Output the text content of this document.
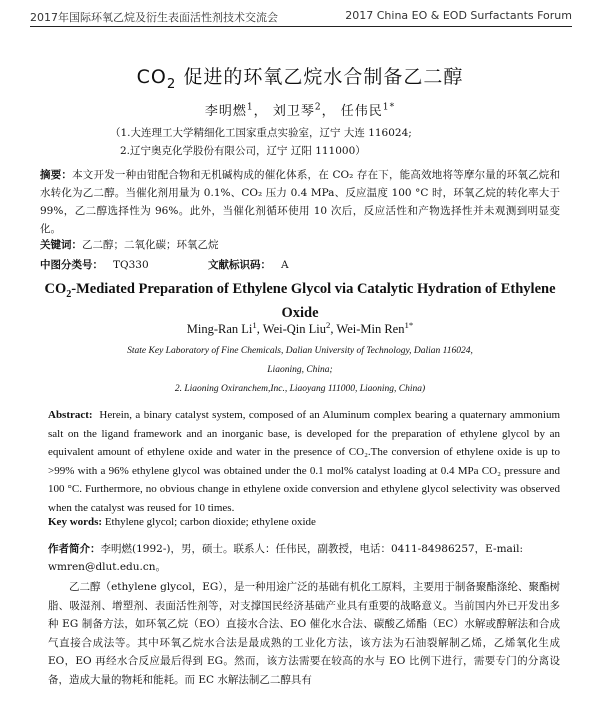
2017年国际环氧乙烷及衍生表面活性剂技术交流会	2017 China EO & EOD Surfactants Forum
$CO_2$ 促进的环氧乙烷水合制备乙二醇
李明燃$^1$， 刘卫琴$^2$， 任伟民$^{1*}$
（1.大连理工大学精细化工国家重点实验室，辽宁 大连 116024;
2.辽宁奥克化学股份有限公司，辽宁 辽阳 111000）
摘要：本文开发一种由钳配合物和无机碱构成的催化体系，在 CO₂ 存在下，能高效地将等摩尔量的环氧乙烷和水转化为乙二醇。当催化剂用量为 0.1%、CO₂ 压力 0.4 MPa、反应温度 100 °C 时，环氧乙烷的转化率大于 99%，乙二醇选择性为 96%。此外，当催化剂循环使用 10 次后，反应活性和产物选择性并未观测到明显变化。
关键词：乙二醇；二氧化碳；环氧乙烷
中图分类号： TQ330	文献标识码： A
$CO_2$-Mediated Preparation of Ethylene Glycol via Catalytic Hydration of Ethylene Oxide
Ming-Ran Li$^1$, Wei-Qin Liu$^2$, Wei-Min Ren$^{1*}$
State Key Laboratory of Fine Chemicals, Dalian University of Technology, Dalian 116024,
Liaoning, China;
2. Liaoning Oxiranchem,Inc., Liaoyang 111000, Liaoning, China)
Abstract: Herein, a binary catalyst system, composed of an Aluminum complex bearing a quaternary ammonium salt on the ligand framework and an inorganic base, is developed for the preparation of ethylene glycol by an equivalent amount of ethylene oxide and water in the presence of CO₂.The conversion of ethylene oxide is up to >99% with a 96% ethylene glycol was obtained under the 0.1 mol% catalyst loading at 0.4 MPa CO₂ pressure and 100 °C. Furthermore, no obvious change in ethylene oxide conversion and ethylene glycol selectivity was observed when the catalyst was reused for 10 times.
Key words: Ethylene glycol; carbon dioxide; ethylene oxide
作者简介：李明燃(1992-)，男，硕士。联系人：任伟民，副教授，电话：0411-84986257，E-mail: wmren@dlut.edu.cn。
乙二醇（ethylene glycol，EG），是一种用途广泛的基础有机化工原料，主要用于制备聚酯涤纶、聚酯树脂、吸湿剂、增塑剂、表面活性剂等，对支撑国民经济基础产业具有重要的战略意义。当前国内外已开发出多种 EG 制备方法，如环氧乙烷（EO）直接水合法、EO 催化水合法、碳酸乙烯酯（EC）水解或醇解法和合成气直接合成法等。其中环氧乙烷水合法是最成熟的工业化方法，该方法为石油裂解制乙烯，乙烯氧化生成 EO，EO 再经水合反应最后得到 EG。然而，该方法需要在较高的水与 EO 比例下进行，需要专门的分离设备，造成大量的物耗和能耗。而 EC 水解法制乙二醇具有
